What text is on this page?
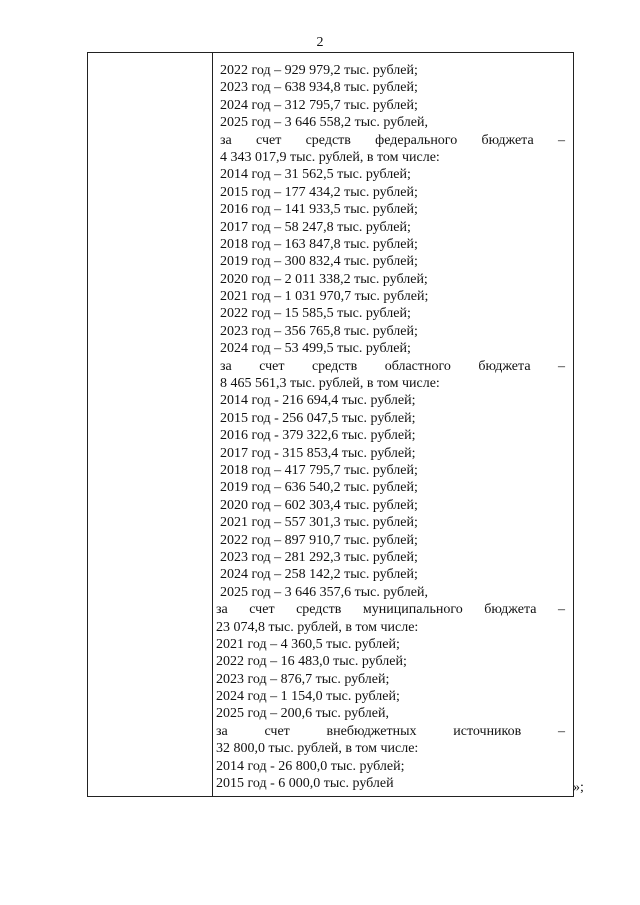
2
2022 год – 929 979,2 тыс. рублей;
2023 год – 638 934,8 тыс. рублей;
2024 год – 312 795,7 тыс. рублей;
2025 год – 3 646 558,2 тыс. рублей,
за счет средств федерального бюджета –
4 343 017,9 тыс. рублей, в том числе:
2014 год – 31 562,5 тыс. рублей;
2015 год – 177 434,2 тыс. рублей;
2016 год – 141 933,5 тыс. рублей;
2017 год – 58 247,8 тыс. рублей;
2018 год – 163 847,8 тыс. рублей;
2019 год – 300 832,4 тыс. рублей;
2020 год – 2 011 338,2 тыс. рублей;
2021 год – 1 031 970,7 тыс. рублей;
2022 год – 15 585,5 тыс. рублей;
2023 год – 356 765,8 тыс. рублей;
2024 год – 53 499,5 тыс. рублей;
за счет средств областного бюджета –
8 465 561,3 тыс. рублей, в том числе:
2014 год - 216 694,4 тыс. рублей;
2015 год - 256 047,5 тыс. рублей;
2016 год - 379 322,6 тыс. рублей;
2017 год - 315 853,4 тыс. рублей;
2018 год – 417 795,7 тыс. рублей;
2019 год – 636 540,2 тыс. рублей;
2020 год – 602 303,4 тыс. рублей;
2021 год – 557 301,3 тыс. рублей;
2022 год – 897 910,7 тыс. рублей;
2023 год – 281 292,3 тыс. рублей;
2024 год – 258 142,2 тыс. рублей;
2025 год – 3 646 357,6 тыс. рублей,
за счет средств муниципального бюджета –
23 074,8 тыс. рублей, в том числе:
2021 год – 4 360,5 тыс. рублей;
2022 год – 16 483,0 тыс. рублей;
2023 год – 876,7 тыс. рублей;
2024 год – 1 154,0 тыс. рублей;
2025 год – 200,6 тыс. рублей,
за	счет	внебюджетных	источников	–
32 800,0 тыс. рублей, в том числе:
2014 год - 26 800,0 тыс. рублей;
2015 год - 6 000,0 тыс. рублей	»;
